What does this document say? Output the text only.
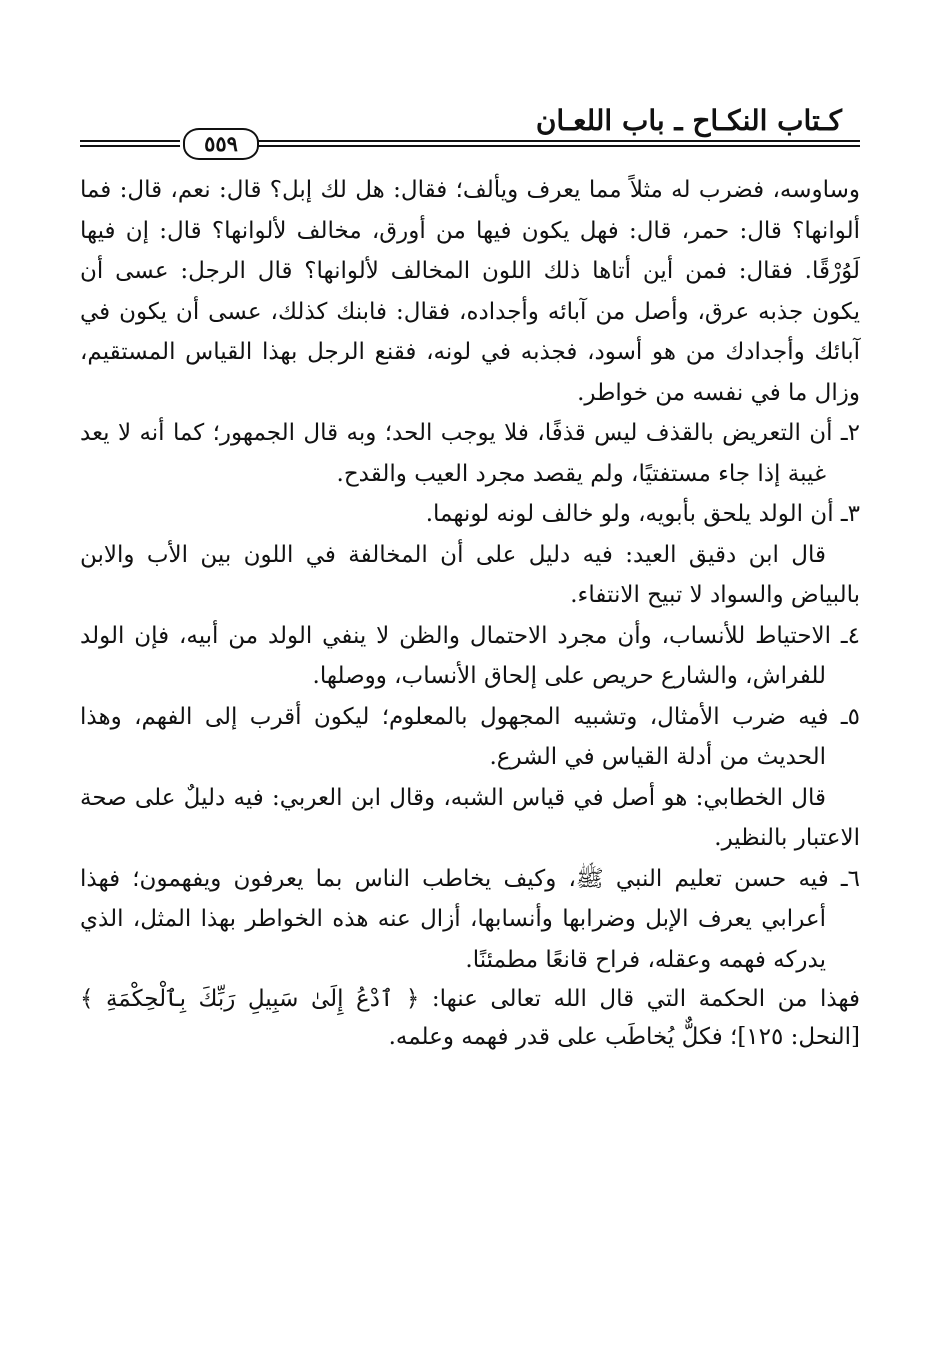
كـتاب النكـاح ـ باب اللعـان
٥٥٩

وساوسه، فضرب له مثلاً مما يعرف ويألف؛ فقال: هل لك إبل؟ قال: نعم، قال: فما ألوانها؟ قال: حمر، قال: فهل يكون فيها من أورق، مخالف لألوانها؟ قال: إن فيها لَوُرْقًا. فقال: فمن أين أتاها ذلك اللون المخالف لألوانها؟ قال الرجل: عسى أن يكون جذبه عرق، وأصل من آبائه وأجداده، فقال: فابنك كذلك، عسى أن يكون في آبائك وأجدادك من هو أسود، فجذبه في لونه، فقنع الرجل بهذا القياس المستقيم، وزال ما في نفسه من خواطر.

٢ـ أن التعريض بالقذف ليس قذفًا، فلا يوجب الحد؛ وبه قال الجمهور؛ كما أنه لا يعد غيبة إذا جاء مستفتيًا، ولم يقصد مجرد العيب والقدح.

٣ـ أن الولد يلحق بأبويه، ولو خالف لونه لونهما.

قال ابن دقيق العيد: فيه دليل على أن المخالفة في اللون بين الأب والابن بالبياض والسواد لا تبيح الانتفاء.

٤ـ الاحتياط للأنساب، وأن مجرد الاحتمال والظن لا ينفي الولد من أبيه، فإن الولد للفراش، والشارع حريص على إلحاق الأنساب، ووصلها.

٥ـ فيه ضرب الأمثال، وتشبيه المجهول بالمعلوم؛ ليكون أقرب إلى الفهم، وهذا الحديث من أدلة القياس في الشرع.

قال الخطابي: هو أصل في قياس الشبه، وقال ابن العربي: فيه دليلٌ على صحة الاعتبار بالنظير.

٦ـ فيه حسن تعليم النبي ﷺ، وكيف يخاطب الناس بما يعرفون ويفهمون؛ فهذا أعرابي يعرف الإبل وضرابها وأنسابها، أزال عنه هذه الخواطر بهذا المثل، الذي يدركه فهمه وعقله، فراح قانعًا مطمئنًا.

فهذا من الحكمة التي قال الله تعالى عنها: ﴿ ٱدْعُ إِلَىٰ سَبِيلِ رَبِّكَ بِٱلْحِكْمَةِ ﴾ [النحل: ١٢٥]؛ فكلٌّ يُخاطَب على قدر فهمه وعلمه.
